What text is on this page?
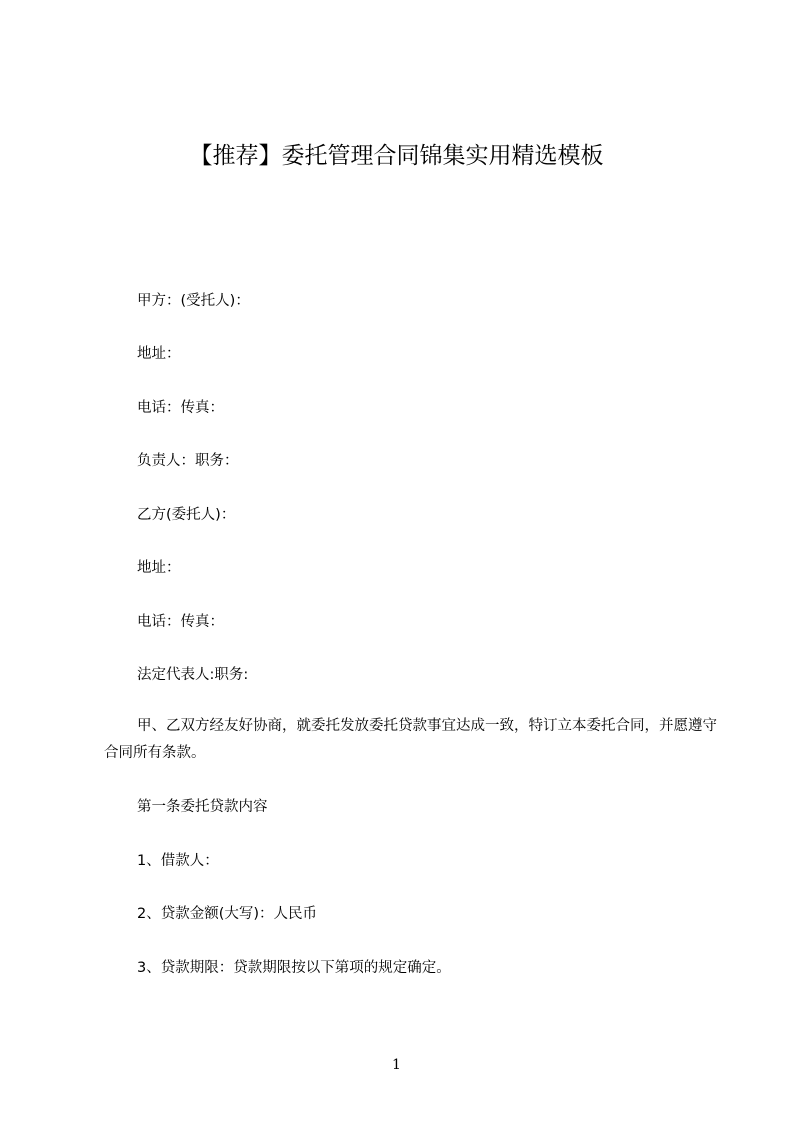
【推荐】委托管理合同锦集实用精选模板

甲方：(受托人)：

地址：

电话：传真：

负责人：职务：

乙方(委托人)：

地址：

电话：传真：

法定代表人:职务:

甲、乙双方经友好协商，就委托发放委托贷款事宜达成一致，特订立本委托合同，并愿遵守合同所有条款。

第一条委托贷款内容

1、借款人：

2、贷款金额(大写)：人民币

3、贷款期限：贷款期限按以下第项的规定确定。

1
